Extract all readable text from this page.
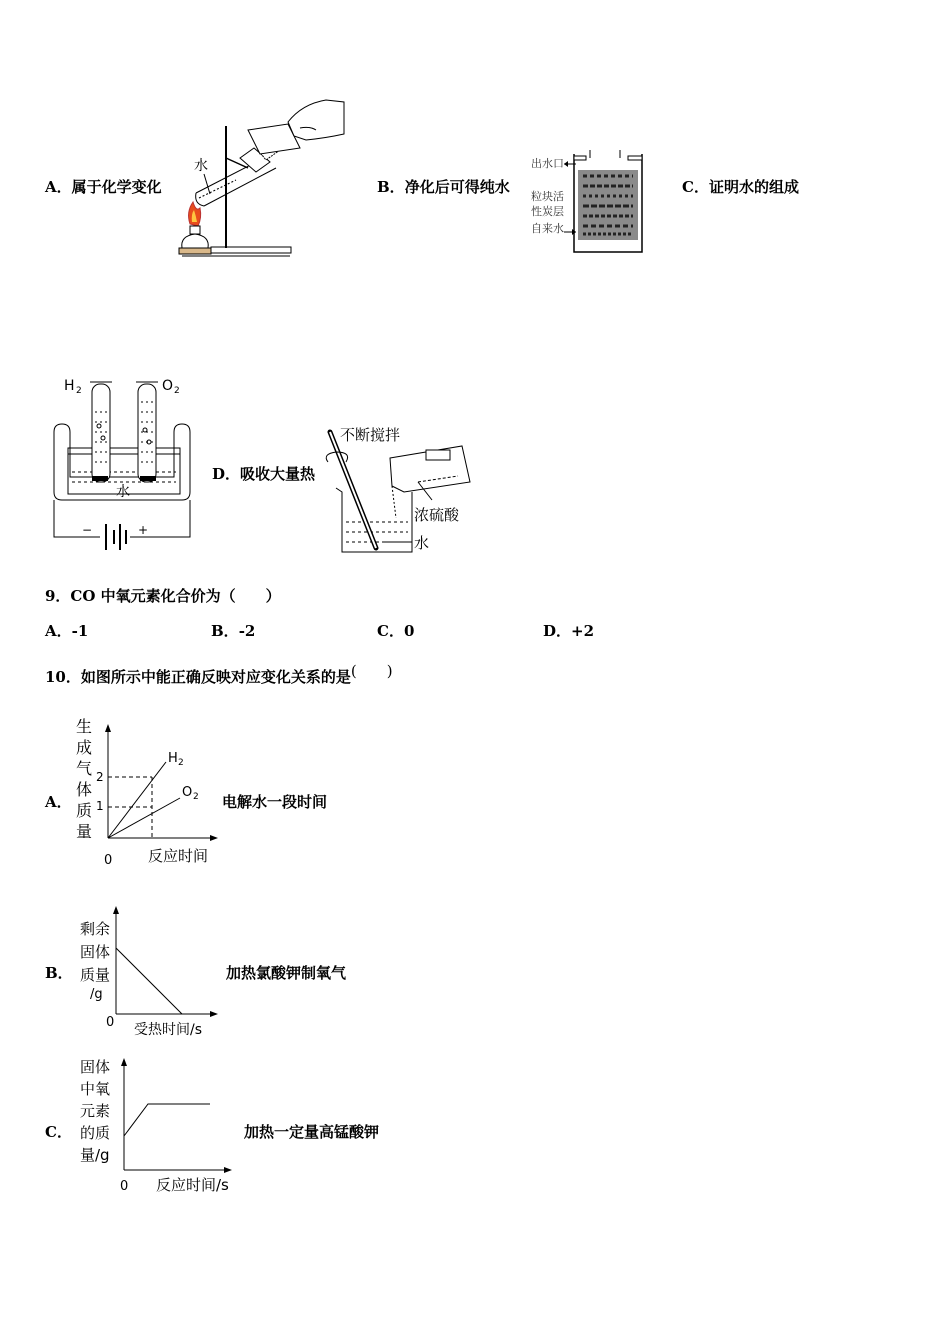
A．属于化学变化
水
B．净化后可得纯水
出水口
粒块活
性炭层
自来水
C．证明水的组成
H 2	O 2
水
−	+
D．吸收大量热
不断搅拌
浓硫酸
水
9．CO 中氧元素化合价为（　　）
A．-1	B．-2	C．0	D．+2
10．如图所示中能正确反映对应变化关系的是(　　)
A．
生
成
气
体
质
量
2
1
H 2
O 2
0 反应时间
电解水一段时间
B．
剩余
固体
质量
/g
0 受热时间/s
加热氯酸钾制氧气
C．
固体
中氧
元素
的质
量/g
0 反应时间/s
加热一定量高锰酸钾
